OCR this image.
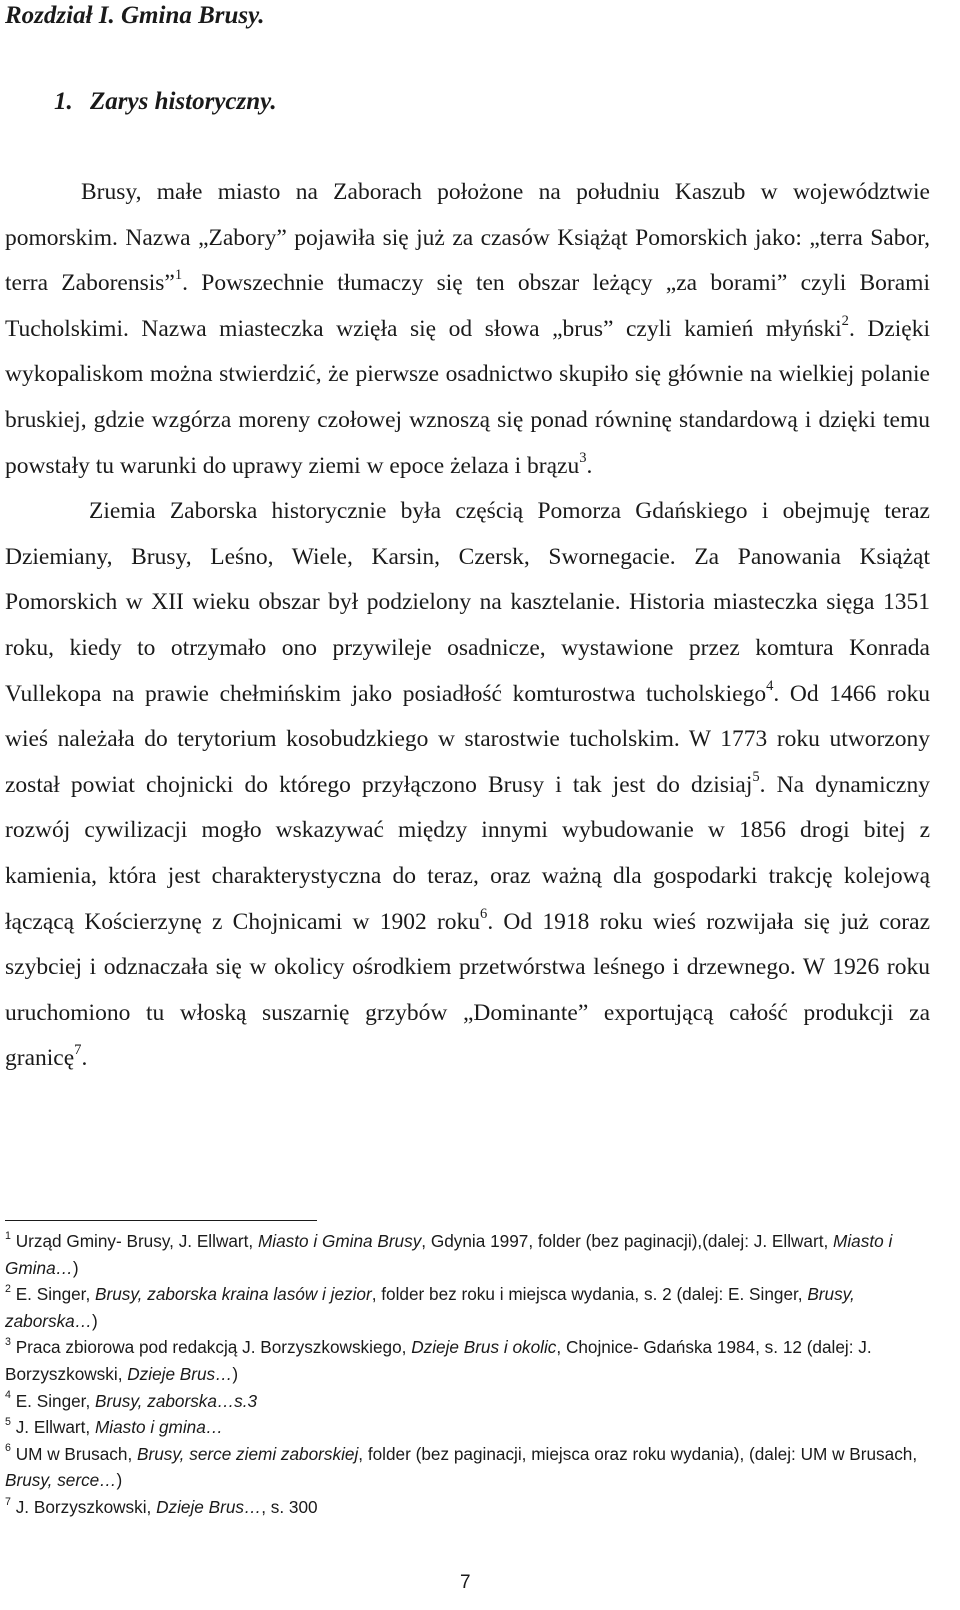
Rozdział I. Gmina Brusy.
1. Zarys historyczny.

Brusy, małe miasto na Zaborach położone na południu Kaszub w województwie pomorskim. Nazwa „Zabory” pojawiła się już za czasów Książąt Pomorskich jako: „terra Sabor, terra Zaborensis”$^1$. Powszechnie tłumaczy się ten obszar leżący „za borami” czyli Borami Tucholskimi. Nazwa miasteczka wzięła się od słowa „brus” czyli kamień młyński$^2$. Dzięki wykopaliskom można stwierdzić, że pierwsze osadnictwo skupiło się głównie na wielkiej polanie bruskiej, gdzie wzgórza moreny czołowej wznoszą się ponad równinę standardową i dzięki temu powstały tu warunki do uprawy ziemi w epoce żelaza i brązu$^3$.

Ziemia Zaborska historycznie była częścią Pomorza Gdańskiego i obejmuję teraz Dziemiany, Brusy, Leśno, Wiele, Karsin, Czersk, Swornegacie. Za Panowania Książąt Pomorskich w XII wieku obszar był podzielony na kasztelanie. Historia miasteczka sięga 1351 roku, kiedy to otrzymało ono przywileje osadnicze, wystawione przez komtura Konrada Vullekopa na prawie chełmińskim jako posiadłość komturostwa tucholskiego$^4$. Od 1466 roku wieś należała do terytorium kosobudzkiego w starostwie tucholskim. W 1773 roku utworzony został powiat chojnicki do którego przyłączono Brusy i tak jest do dzisiaj$^5$. Na dynamiczny rozwój cywilizacji mogło wskazywać między innymi wybudowanie w 1856 drogi bitej z kamienia, która jest charakterystyczna do teraz, oraz ważną dla gospodarki trakcję kolejową łączącą Kościerzynę z Chojnicami w 1902 roku$^6$. Od 1918 roku wieś rozwijała się już coraz szybciej i odznaczała się w okolicy ośrodkiem przetwórstwa leśnego i drzewnego. W 1926 roku uruchomiono tu włoską suszarnię grzybów „Dominante” exportującą całość produkcji za granicę$^7$.

$^1$ Urząd Gminy- Brusy, J. Ellwart, Miasto i Gmina Brusy, Gdynia 1997, folder (bez paginacji),(dalej: J. Ellwart, Miasto i Gmina…)

$^2$ E. Singer, Brusy, zaborska kraina lasów i jezior, folder bez roku i miejsca wydania, s. 2 (dalej: E. Singer, Brusy, zaborska…)

$^3$ Praca zbiorowa pod redakcją J. Borzyszkowskiego, Dzieje Brus i okolic, Chojnice- Gdańska 1984, s. 12 (dalej: J. Borzyszkowski, Dzieje Brus…)

$^4$ E. Singer, Brusy, zaborska…s.3

$^5$ J. Ellwart, Miasto i gmina…

$^6$ UM w Brusach, Brusy, serce ziemi zaborskiej, folder (bez paginacji, miejsca oraz roku wydania), (dalej: UM w Brusach, Brusy, serce…)

$^7$ J. Borzyszkowski, Dzieje Brus…, s. 300

7
